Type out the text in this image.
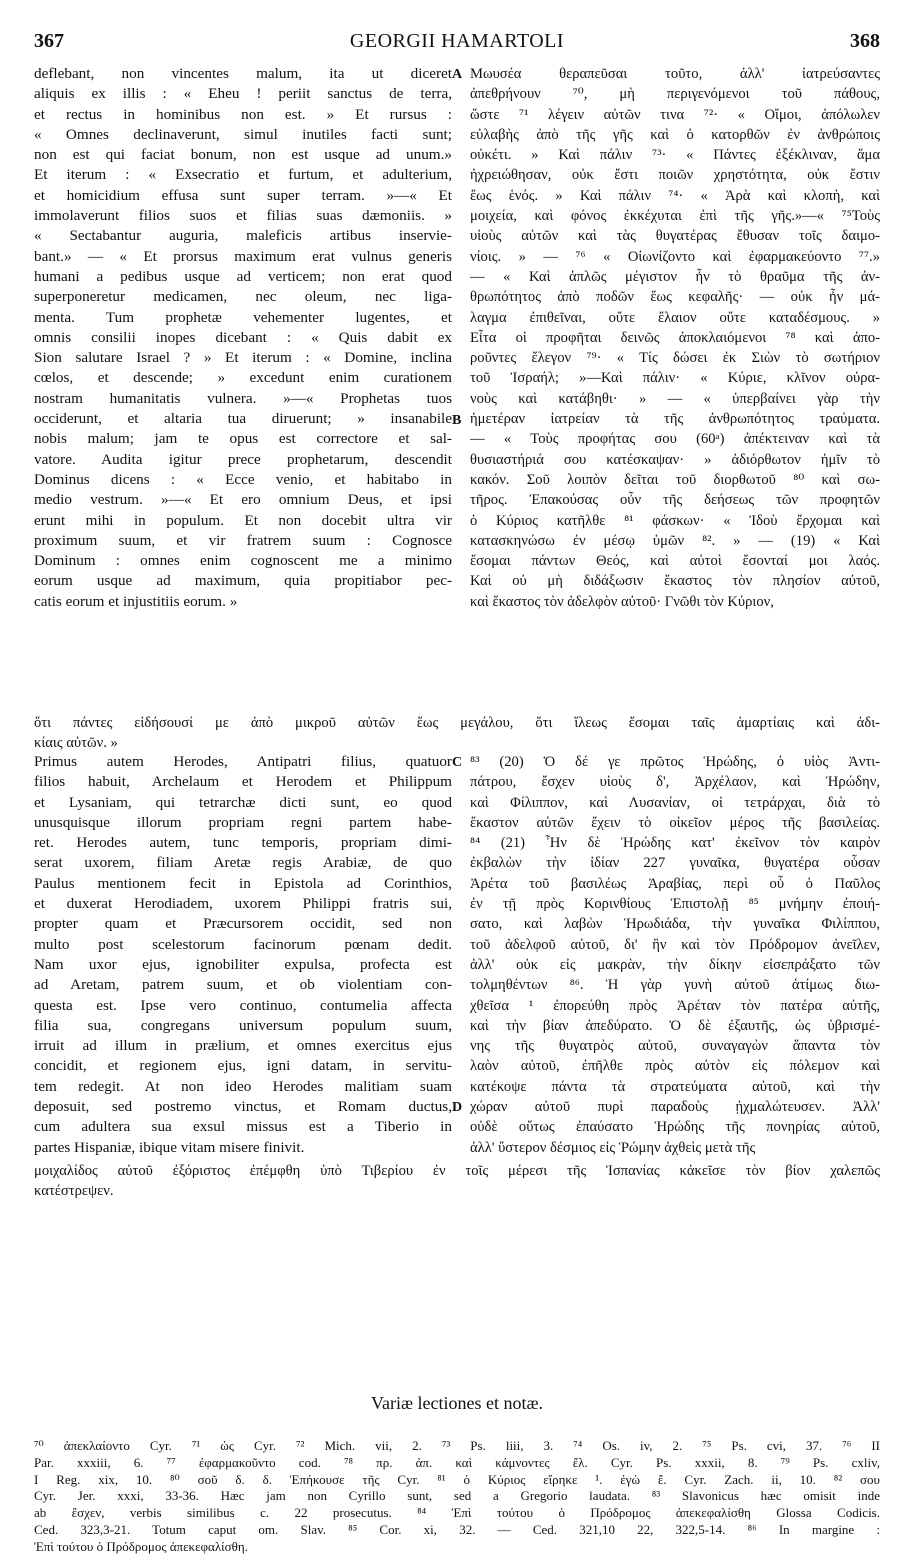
367	GEORGII HAMARTOLI	368
deflebant, non vincentes malum, ita ut diceret
aliquis ex illis : « Eheu ! periit sanctus de terra,
et rectus in hominibus non est. » Et rursus :
« Omnes declinaverunt, simul inutiles facti sunt;
non est qui faciat bonum, non est usque ad unum.»
Et iterum : « Exsecratio et furtum, et adulterium,
et homicidium effusa sunt super terram. »—« Et
immolaverunt filios suos et filias suas dæmoniis. »
« Sectabantur auguria, maleficis artibus inservie-
bant.» — « Et prorsus maximum erat vulnus generis
humani a pedibus usque ad verticem; non erat quod
superponeretur medicamen, nec oleum, nec liga-
menta. Tum prophetæ vehementer lugentes, et
omnis consilii inopes dicebant : « Quis dabit ex
Sion salutare Israel ? » Et iterum : « Domine, inclina
cœlos, et descende; » excedunt enim curationem
nostram humanitatis vulnera. »—« Prophetas tuos
occiderunt, et altaria tua diruerunt; » insanabile
nobis malum; jam te opus est correctore et sal-
vatore. Audita igitur prece prophetarum, descendit
Dominus dicens : « Ecce venio, et habitabo in
medio vestrum. »—« Et ero omnium Deus, et ipsi
erunt mihi in populum. Et non docebit ultra vir
proximum suum, et vir fratrem suum : Cognosce
Dominum : omnes enim cognoscent me a minimo
eorum usque ad maximum, quia propitiabor pec-
catis eorum et injustitiis eorum. »
Μωυσέα θεραπεῦσαι τοῦτο, ἀλλ' ἰατρεύσαντες
ἀπεθρήνουν ⁷⁰, μὴ περιγενόμενοι τοῦ πάθους,
ὥστε ⁷¹ λέγειν αὐτῶν τινα ⁷²· « Οἴμοι, ἀπόλωλεν
εὐλαβὴς ἀπὸ τῆς γῆς καὶ ὁ κατορθῶν ἐν ἀνθρώποις
οὐκέτι. » Καὶ πάλιν ⁷³· « Πάντες ἐξέκλιναν, ἅμα
ἠχρειώθησαν, οὐκ ἔστι ποιῶν χρηστότητα, οὐκ ἔστιν
ἕως ἑνός. » Καὶ πάλιν ⁷⁴· « Ἀρὰ καὶ κλοπὴ, καὶ
μοιχεία, καὶ φόνος ἐκκέχυται ἐπὶ τῆς γῆς.»—« ⁷⁵Τοὺς
υἱοὺς αὐτῶν καὶ τὰς θυγατέρας ἔθυσαν τοῖς δαιμο-
νίοις. » — ⁷⁶ « Οἰωνίζοντο καὶ ἐφαρμακεύοντο ⁷⁷.»
— « Καὶ ἁπλῶς μέγιστον ἦν τὸ θραῦμα τῆς ἀν-
θρωπότητος ἀπὸ ποδῶν ἕως κεφαλῆς· — οὐκ ἦν μά-
λαγμα ἐπιθεῖναι, οὔτε ἔλαιον οὔτε καταδέσμους. »
Εἶτα οἱ προφῆται δεινῶς ἀποκλαιόμενοι ⁷⁸ καὶ ἀπο-
ροῦντες ἔλεγον ⁷⁹· « Τίς δώσει ἐκ Σιὼν τὸ σωτήριον
τοῦ Ἰσραήλ; »—Καὶ πάλιν· « Κύριε, κλῖνον οὐρα-
νοὺς καὶ κατάβηθι· » — « ὑπερβαίνει γὰρ τὴν
ἡμετέραν ἰατρείαν τὰ τῆς ἀνθρωπότητος τραύματα.
— « Τοὺς προφήτας σου (60ᵃ) ἀπέκτειναν καὶ τὰ
θυσιαστήριά σου κατέσκαψαν· » ἀδιόρθωτον ἡμῖν τὸ
κακόν. Σοῦ λοιπὸν δεῖται τοῦ διορθωτοῦ ⁸⁰ καὶ σω-
τῆρος. Ἐπακούσας οὖν τῆς δεήσεως τῶν προφητῶν
ὁ Κύριος κατῆλθε ⁸¹ φάσκων· « Ἰδοὺ ἔρχομαι καὶ
κατασκηνώσω ἐν μέσῳ ὑμῶν ⁸². » — (19) « Καὶ
ἔσομαι πάντων Θεός, καὶ αὐτοὶ ἔσονταί μοι λαός.
Καὶ οὐ μὴ διδάξωσιν ἕκαστος τὸν πλησίον αὐτοῦ,
καὶ ἕκαστος τὸν ἀδελφὸν αὐτοῦ· Γνῶθι τὸν Κύριον,
ὅτι πάντες εἰδήσουσί με ἀπὸ μικροῦ αὐτῶν ἕως μεγάλου, ὅτι ἵλεως ἔσομαι ταῖς ἁμαρτίαις καὶ ἀδι-
κίαις αὐτῶν. »
Primus autem Herodes, Antipatri filius, quatuor
filios habuit, Archelaum et Herodem et Philippum
et Lysaniam, qui tetrarchæ dicti sunt, eo quod
unusquisque illorum propriam regni partem habe-
ret. Herodes autem, tunc temporis, propriam dimi-
serat uxorem, filiam Aretæ regis Arabiæ, de quo
Paulus mentionem fecit in Epistola ad Corinthios,
et duxerat Herodiadem, uxorem Philippi fratris sui,
propter quam et Præcursorem occidit, sed non
multo post scelestorum facinorum pœnam dedit.
Nam uxor ejus, ignobiliter expulsa, profecta est
ad Aretam, patrem suum, et ob violentiam con-
questa est. Ipse vero continuo, contumelia affecta
filia sua, congregans universum populum suum,
irruit ad illum in prælium, et omnes exercitus ejus
concidit, et regionem ejus, igni datam, in servitu-
tem redegit. At non ideo Herodes malitiam suam
deposuit, sed postremo vinctus, et Romam ductus,
cum adultera sua exsul missus est a Tiberio in
partes Hispaniæ, ibique vitam misere finivit.
⁸³ (20) Ὁ δέ γε πρῶτος Ἡρώδης, ὁ υἱὸς Ἀντι-
πάτρου, ἔσχεν υἱοὺς δ', Ἀρχέλαον, καὶ Ἡρώδην,
καὶ Φίλιππον, καὶ Λυσανίαν, οἱ τετράρχαι, διὰ τὸ
ἕκαστον αὐτῶν ἔχειν τὸ οἰκεῖον μέρος τῆς βασιλείας.
⁸⁴ (21) Ἦν δὲ Ἡρώδης κατ' ἐκεῖνον τὸν καιρὸν
ἐκβαλὼν τὴν ἰδίαν 227 γυναῖκα, θυγατέρα οὖσαν
Ἀρέτα τοῦ βασιλέως Ἀραβίας, περὶ οὗ ὁ Παῦλος
ἐν τῇ πρὸς Κορινθίους Ἐπιστολῇ ⁸⁵ μνήμην ἐποιή-
σατο, καὶ λαβὼν Ἡρωδιάδα, τὴν γυναῖκα Φιλίππου,
τοῦ ἀδελφοῦ αὐτοῦ, δι' ἣν καὶ τὸν Πρόδρομον ἀνεῖλεν,
ἀλλ' οὐκ εἰς μακρὰν, τὴν δίκην εἰσεπράξατο τῶν
τολμηθέντων ⁸⁶. Ἡ γὰρ γυνὴ αὐτοῦ ἀτίμως διω-
χθεῖσα ¹ ἐπορεύθη πρὸς Ἀρέταν τὸν πατέρα αὐτῆς,
καὶ τὴν βίαν ἀπεδύρατο. Ὁ δὲ ἐξαυτῆς, ὡς ὑβρισμέ-
νης τῆς θυγατρὸς αὐτοῦ, συναγαγὼν ἅπαντα τὸν
λαὸν αὐτοῦ, ἐπῆλθε πρὸς αὐτὸν εἰς πόλεμον καὶ
κατέκοψε πάντα τὰ στρατεύματα αὐτοῦ, καὶ τὴν
χώραν αὐτοῦ πυρὶ παραδοὺς ᾐχμαλώτευσεν. Ἀλλ'
οὐδὲ οὕτως ἐπαύσατο Ἡρώδης τῆς πονηρίας αὐτοῦ,
ἀλλ' ὕστερον δέσμιος εἰς Ῥώμην ἀχθεὶς μετὰ τῆς
μοιχαλίδος αὐτοῦ ἐξόριστος ἐπέμφθη ὑπὸ Τιβερίου ἐν τοῖς μέρεσι τῆς Ἱσπανίας κἀκεῖσε τὸν βίον χαλεπῶς
κατέστρεψεν.
A
B
C
D
Variæ lectiones et notæ.
⁷⁰ ἀπεκλαίοντο Cyr. ⁷¹ ὡς Cyr. ⁷² Mich. vii, 2. ⁷³ Ps. liii, 3. ⁷⁴ Os. iv, 2. ⁷⁵ Ps. cvi, 37. ⁷⁶ II
Par. xxxiii, 6. ⁷⁷ ἐφαρμακοῦντο cod. ⁷⁸ πρ. ἀπ. καὶ κάμνοντες ἔλ. Cyr. Ps. xxxii, 8. ⁷⁹ Ps. cxliv,
I Reg. xix, 10. ⁸⁰ σοῦ δ. δ. Ἐπήκουσε τῆς Cyr. ⁸¹ ὁ Κύριος εἴρηκε ¹. ἐγὼ ἔ. Cyr. Zach. ii, 10. ⁸² σου
Cyr. Jer. xxxi, 33-36. Hæc jam non Cyrillo sunt, sed a Gregorio laudata. ⁸³ Slavonicus hæc omisit inde
ab ἔσχεν, verbis similibus c. 22 prosecutus. ⁸⁴ Ἐπὶ τούτου ὁ Πρόδρομος ἀπεκεφαλίσθη Glossa Codicis.
Ced. 323,3-21. Totum caput om. Slav. ⁸⁵ Cor. xi, 32. — Ced. 321,10 22, 322,5-14. ⁸⁶ In margine :
Ἐπὶ τούτου ὁ Πρόδρομος ἀπεκεφαλίσθη.
